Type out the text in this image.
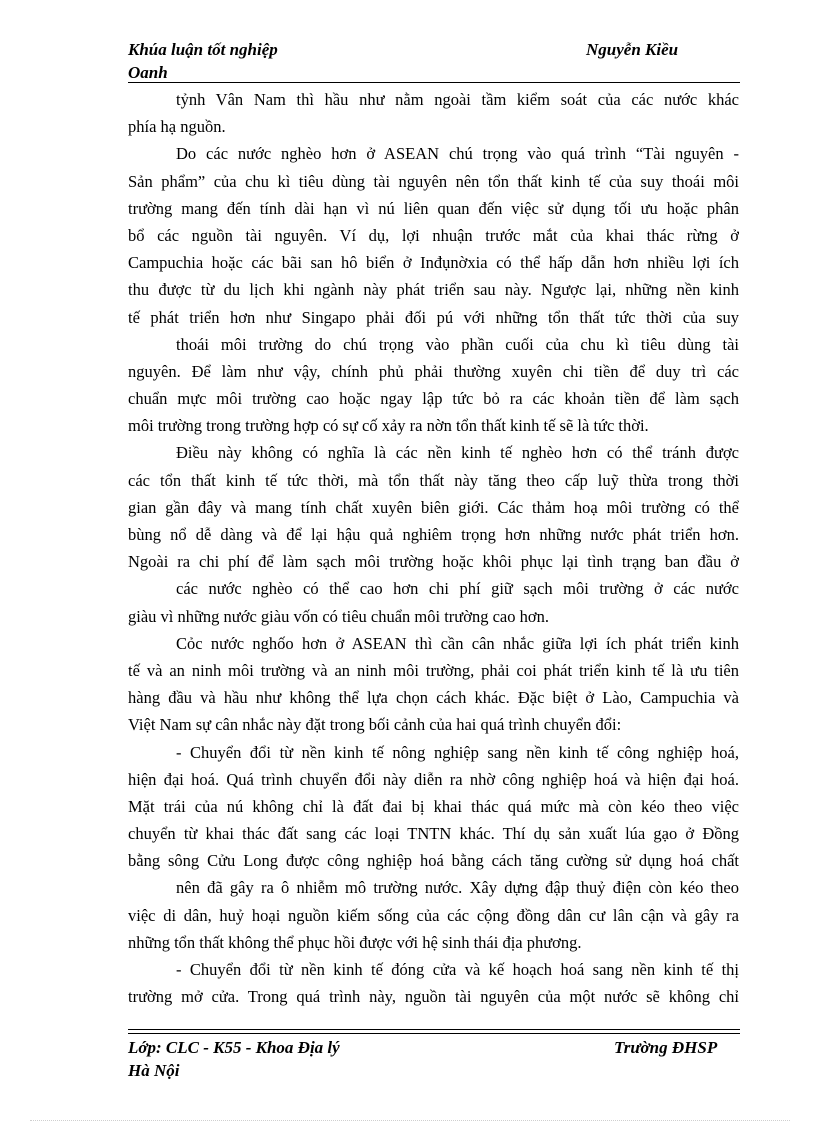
Khúa luận tốt nghiệp
Oanh
Nguyễn Kiều
tỷnh Vân Nam thì hầu như nằm ngoài tầm kiểm soát của các nước khác
phía hạ nguồn.
Do các nước nghèo hơn ở ASEAN chú trọng vào quá trình “Tài nguyên -
Sản phẩm” của chu kì tiêu dùng tài nguyên nên tổn thất kinh tế của suy thoái môi
trường mang đến tính dài hạn vì nú liên quan đến việc sử dụng tối ưu hoặc phân
bổ các nguồn tài nguyên. Ví dụ, lợi nhuận trước mắt của khai thác rừng ở
Campuchia hoặc các bãi san hô biển ở Inđụnờxia có thể hấp dẫn hơn nhiều lợi ích
thu được từ du lịch khi ngành này phát triển sau này. Ngược lại, những nền kinh
tế phát triển hơn như Singapo phải đối pú với những tổn thất tức thời của suy
thoái môi trường do chú trọng vào phần cuối của chu kì tiêu dùng tài
nguyên. Để làm như vậy, chính phủ phải thường xuyên chi tiền để duy trì các
chuẩn mực môi trường cao hoặc ngay lập tức bỏ ra các khoản tiền để làm sạch
môi trường trong trường hợp có sự cố xảy ra nờn tổn thất kinh tế sẽ là tức thời.
Điều này không có nghĩa là các nền kinh tế nghèo hơn có thể tránh được
các tổn thất kinh tế tức thời, mà tổn thất này tăng theo cấp luỹ thừa trong thời
gian gần đây và mang tính chất xuyên biên giới. Các thảm hoạ môi trường có thể
bùng nổ dễ dàng và để lại hậu quả nghiêm trọng hơn những nước phát triển hơn.
Ngoài ra chi phí để làm sạch môi trường hoặc khôi phục lại tình trạng ban đầu ở
các nước nghèo có thể cao hơn chi phí giữ sạch môi trường ở các nước
giàu vì những nước giàu vốn có tiêu chuẩn môi trường cao hơn.
Cỏc nước nghốo hơn ở ASEAN thì cần cân nhắc giữa lợi ích phát triển kinh
tế và an ninh môi trường và an ninh môi trường, phải coi phát triển kinh tế là ưu tiên
hàng đầu và hầu như không thể lựa chọn cách khác. Đặc biệt ở Lào, Campuchia và
Việt Nam sự cân nhắc này đặt trong bối cảnh của hai quá trình chuyển đổi:
- Chuyển đổi từ nền kinh tế nông nghiệp sang nền kinh tế công nghiệp hoá,
hiện đại hoá. Quá trình chuyển đổi này diễn ra nhờ công nghiệp hoá và hiện đại hoá.
Mặt trái của nú không chỉ là đất đai bị khai thác quá mức mà còn kéo theo việc
chuyển từ khai thác đất sang các loại TNTN khác. Thí dụ sản xuất lúa gạo ở Đồng
bằng sông Cửu Long được công nghiệp hoá bằng cách tăng cường sử dụng hoá chất
nên đã gây ra ô nhiễm mô trường nước. Xây dựng đập thuỷ điện còn kéo theo
việc di dân, huỷ hoại nguồn kiếm sống của các cộng đồng dân cư lân cận và gây ra
những tổn thất không thể phục hồi được với hệ sinh thái địa phương.
- Chuyển đổi từ nền kinh tế đóng cửa và kế hoạch hoá sang nền kinh tế thị
trường mở cửa. Trong quá trình này, nguồn tài nguyên của một nước sẽ không chỉ
Lớp: CLC - K55 - Khoa Địa lý
Hà Nội
Trường ĐHSP
